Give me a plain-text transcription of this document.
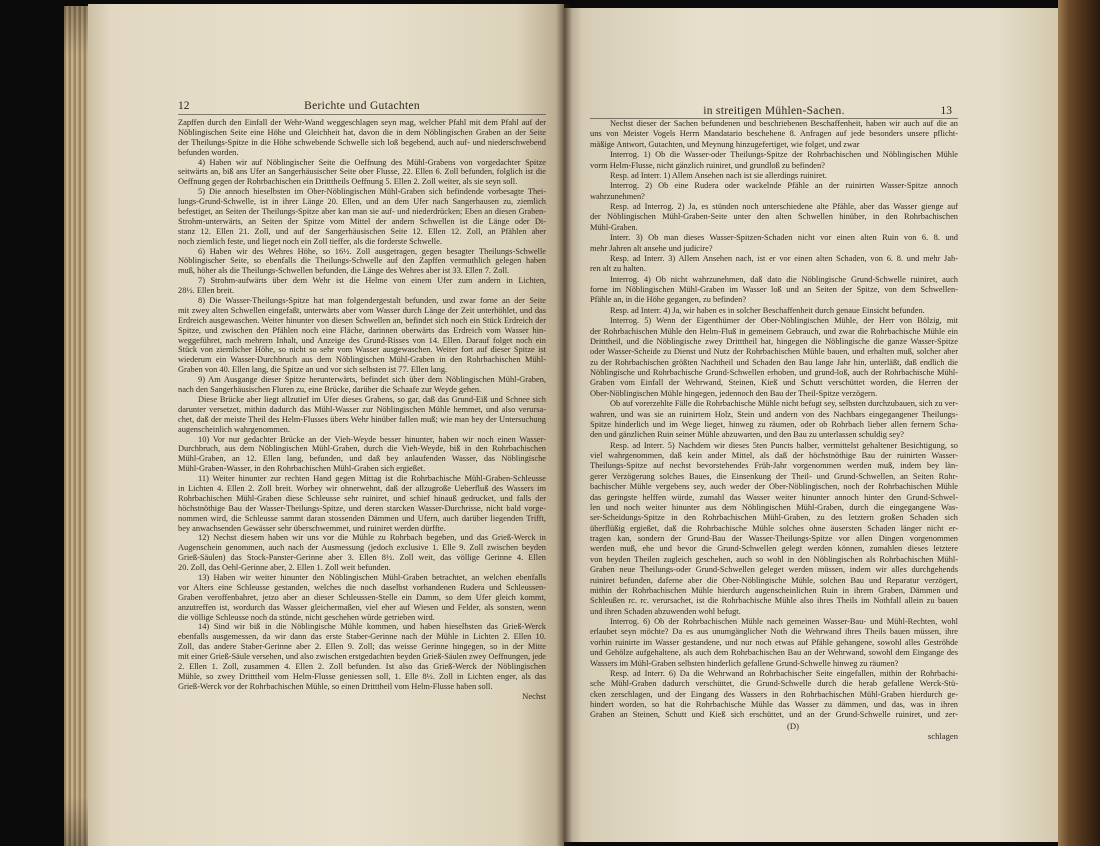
12	Berichte und Gutachten	in streitigen Mühlen-Sachen.	13
Zapffen durch den Einfall der Wehr-Wand weggeschlagen seyn mag, welcher Pfahl mit dem Pfahl auf der
Nöblingischen Seite eine Höhe und Gleichheit hat, davon die in dem Nöblingischen Graben an der Seite
der Theilungs-Spitze in die Höhe schwebende Schwelle sich loß begebend, auch auf- und niederschwebend
befunden worden.
4) Haben wir auf Nöblingischer Seite die Oeffnung des Mühl-Grabens von vorgedachter Spitze
seitwärts an, biß ans Ufer an Sangerhäusischer Seite ober Flusse, 22. Ellen 6. Zoll befunden, folglich ist die
Oeffnung gegen der Rohrbachischen ein Dritttheils Oeffnung 5. Ellen 2. Zoll weiter, als sie seyn soll.
5) Die annoch hieselbsten im Ober-Nöblingischen Mühl-Graben sich befindende vorbesagte Thei-
lungs-Grund-Schwelle, ist in ihrer Länge 20. Ellen, und an dem Ufer nach Sangerhausen zu, ziemlich
befestiget, an Seiten der Theilungs-Spitze aber kan man sie auf- und niederdrücken; Eben an diesen Graben-
Strohm-unterwärts, an Seiten der Spitze vom Mittel der andern Schwellen ist die Länge oder Di-
stanz 12. Ellen 21. Zoll, und auf der Sangerhäusischen Seite 12. Ellen 12. Zoll, an Pfählen aber
noch ziemlich feste, und lieget noch ein Zoll tieffer, als die forderste Schwelle.
6) Haben wir des Wehres Höhe, so 16½. Zoll ausgetragen, gegen besagter Theilungs-Schwelle
Nöblingischer Seite, so ebenfalls die Theilungs-Schwelle auf den Zapffen vermuthlich gelegen haben
muß, höher als die Theilungs-Schwellen befunden, die Länge des Wehres aber ist 33. Ellen 7. Zoll.
7) Strohm-aufwärts über dem Wehr ist die Helme von einem Ufer zum andern in Lichten,
28½. Ellen breit.
8) Die Wasser-Theilungs-Spitze hat man folgendergestalt befunden, und zwar forne an der Seite
mit zwey alten Schwellen eingefaßt, unterwärts aber vom Wasser durch Länge der Zeit unterhöhlet, und das
Erdreich ausgewaschen. Weiter hinunter von diesen Schwellen an, befindet sich noch ein Stück Erdreich der
Spitze, und zwischen den Pfählen noch eine Fläche, darinnen oberwärts das Erdreich vom Wasser hin-
weggeführet, nach mehrern Inhalt, und Anzeige des Grund-Risses von 14. Ellen. Darauf folget noch ein
Stück von ziemlicher Höhe, so nicht so sehr vom Wasser ausgewaschen. Weiter fort auf dieser Spitze ist
wiederum ein Wasser-Durchbruch aus dem Nöblingischen Mühl-Graben in den Rohrbachischen Mühl-
Graben von 40. Ellen lang, die Spitze an und vor sich selbsten ist 77. Ellen lang.
9) Am Ausgange dieser Spitze herunterwärts, befindet sich über dem Nöblingischen Mühl-Graben,
nach den Sangerhäusischen Fluren zu, eine Brücke, darüber die Schaafe zur Weyde gehen.
Diese Brücke aber liegt allzutief im Ufer dieses Grabens, so gar, daß das Grund-Eiß und Schnee sich
darunter versetzet, mithin dadurch das Mühl-Wasser zur Nöblingischen Mühle hemmet, und also verursa-
chet, daß der meiste Theil des Helm-Flusses übers Wehr hinüber fallen muß; wie man bey der Untersuchung
augenscheinlich wahrgenommen.
10) Vor nur gedachter Brücke an der Vieh-Weyde besser hinunter, haben wir noch einen Wasser-
Durchbruch, aus dem Nöblingischen Mühl-Graben, durch die Vieh-Weyde, biß in den Rohrbachischen
Mühl-Graben, an 12. Ellen lang, befunden, und daß bey anlaufenden Wasser, das Nöblingische
Mühl-Graben-Wasser, in den Rohrbachischen Mühl-Graben sich ergießet.
11) Weiter hinunter zur rechten Hand gegen Mittag ist die Rohrbachische Mühl-Graben-Schleusse
in Lichten 4. Ellen 2. Zoll breit. Worbey wir ohnerwehnt, daß der allzugroße Ueberfluß des Wassers im
Rohrbachischen Mühl-Graben diese Schleusse sehr ruiniret, und schief hinauß gedrucket, und falls der
höchstnöthige Bau der Wasser-Theilungs-Spitze, und deren starcken Wasser-Durchrisse, nicht bald vorge-
nommen wird, die Schleusse sammt daran stossenden Dämmen und Ufern, auch darüber liegenden Trifft,
bey anwachsenden Gewässer sehr überschwemmet, und ruiniret werden dürffte.
12) Nechst diesem haben wir uns vor die Mühle zu Rohrbach begeben, und das Grieß-Werck in
Augenschein genommen, auch nach der Ausmessung (jedoch exclusive 1. Elle 9. Zoll zwischen beyden
Grieß-Säulen) das Stock-Panster-Gerinne aber 3. Ellen 8½. Zoll weit, das völlige Gerinne 4. Ellen
20. Zoll, das Oehl-Gerinne aber, 2. Ellen 1. Zoll weit befunden.
13) Haben wir weiter hinunter den Nöblingischen Mühl-Graben betrachtet, an welchen ebenfalls
vor Alters eine Schleusse gestanden, welches die noch daselbst vorhandenen Rudera und Schleussen-
Graben veroffenbahret, jetzo aber an dieser Schleussen-Stelle ein Damm, so dem Ufer gleich kommt,
anzutreffen ist, wordurch das Wasser gleichermaßen, viel eher auf Wiesen und Felder, als sonsten, wenn
die völlige Schleusse noch da stünde, nicht geschehen würde getrieben wird.
14) Sind wir biß in die Nöblingische Mühle kommen, und haben hieselbsten das Grieß-Werck
ebenfalls ausgemessen, da wir dann das erste Staber-Gerinne nach der Mühle in Lichten 2. Ellen 10.
Zoll, das andere Staber-Gerinne aber 2. Ellen 9. Zoll; das weisse Gerinne hingegen, so in der Mitte
mit einer Grieß-Säule versehen, und also zwischen erstgedachten beyden Grieß-Säulen zwey Oeffnungen, jede
2. Ellen 1. Zoll, zusammen 4. Ellen 2. Zoll befunden. Ist also das Grieß-Werck der Nöblingischen
Mühle, so zwey Dritttheil vom Helm-Flusse geniessen soll, 1. Elle 8½. Zoll in Lichten enger, als das
Grieß-Werck vor der Rohrbachischen Mühle, so einen Dritttheil vom Helm-Flusse haben soll.
Nechst
Nechst dieser der Sachen befundenen und beschriebenen Beschaffenheit, haben wir auch auf die an
uns von Meister Vogels Herrn Mandatario beschehene 8. Anfragen auf jede besonders unsere pflicht-
mäßige Antwort, Gutachten, und Meynung hinzugefertiget, wie folget, und zwar
Interrog. 1) Ob die Wasser-oder Theilungs-Spitze der Rohrbachischen und Nöblingischen Mühle
vorm Helm-Flusse, nicht gänzlich ruiniret, und grundloß zu befinden?
Resp. ad Interr. 1) Allem Ansehen nach ist sie allerdings ruiniret.
Interrog. 2) Ob eine Rudera oder wackelnde Pfähle an der ruinirten Wasser-Spitze annoch
wahrzunehmen?
Resp. ad Interrog. 2) Ja, es stünden noch unterschiedene alte Pfähle, aber das Wasser gienge auf
der Nöblingischen Mühl-Graben-Seite unter den alten Schwellen hinüber, in den Rohrbachischen
Mühl-Graben.
Interr. 3) Ob man dieses Wasser-Spitzen-Schaden nicht vor einen alten Ruin von 6. 8. und
mehr Jahren alt ansehe und judicire?
Resp. ad Interr. 3) Allem Ansehen nach, ist er vor einen alten Schaden, von 6. 8. und mehr Jah-
ren alt zu halten.
Interrog. 4) Ob nicht wahrzunehmen, daß dato die Nöblingische Grund-Schwelle ruiniret, auch
forne im Nöblingischen Mühl-Graben im Wasser loß und an Seiten der Spitze, von dem Schwellen-
Pfähle an, in die Höhe gegangen, zu befinden?
Resp. ad Interr. 4) Ja, wir haben es in solcher Beschaffenheit durch genaue Einsicht befunden.
Interrog. 5) Wenn der Eigenthümer der Ober-Nöblingischen Mühle, der Herr von Bölzig, mit
der Rohrbachischen Mühle den Helm-Fluß in gemeinem Gebrauch, und zwar die Rohrbachische Mühle ein
Dritttheil, und die Nöblingische zwey Dritttheil hat, hingegen die Nöblingische die ganze Wasser-Spitze
oder Wasser-Scheide zu Dienst und Nutz der Rohrbachischen Mühle bauen, und erhalten muß, solcher aber
zu der Rohrbachischen größten Nachtheil und Schaden den Bau lange Jahr hin, unterläßt, daß endlich die
Nöblingische und Rohrbachische Grund-Schwellen erhoben, und grund-loß, auch der Rohrbachische Mühl-
Graben vom Einfall der Wehrwand, Steinen, Kieß und Schutt verschüttet worden, die Herren der
Ober-Nöblingischen Mühle hingegen, jedennoch den Bau der Theil-Spitze verzögern.
Ob auf vorerzehlte Fälle die Rohrbachische Mühle nicht befugt sey, selbsten durchzubauen, sich zu ver-
wahren, und was sie an ruinirtem Holz, Stein und andern von des Nachbars eingegangener Theilungs-
Spitze hinderlich und im Wege lieget, hinweg zu räumen, oder ob Rohrbach lieber allen fernern Scha-
den und gänzlichen Ruin seiner Mühle abzuwarten, und den Bau zu unterlassen schuldig sey?
Resp. ad Interr. 5) Nachdem wir dieses 5ten Puncts halber, vermittelst gehaltener Besichtigung, so
viel wahrgenommen, daß kein ander Mittel, als daß der höchstnöthige Bau der ruinirten Wasser-
Theilungs-Spitze auf nechst bevorstehendes Früh-Jahr vorgenommen werden muß, indem bey län-
gerer Verzögerung solches Baues, die Einsenkung der Theil- und Grund-Schwellen, an Seiten Rohr-
bachischer Mühle vergebens sey, auch weder der Ober-Nöblingischen, noch der Rohrbachischen Mühle
das geringste helffen würde, zumahl das Wasser weiter hinunter annoch hinter den Grund-Schwel-
len und noch weiter hinunter aus dem Nöblingischen Mühl-Graben, durch die eingegangene Was-
ser-Scheidungs-Spitze in den Rohrbachischen Mühl-Graben, zu des letztern großen Schaden sich
überflüßig ergießet, daß die Rohrbachische Mühle solches ohne äusersten Schaden länger nicht er-
tragen kan, sondern der Grund-Bau der Wasser-Theilungs-Spitze vor allen Dingen vorgenommen
werden muß, ehe und bevor die Grund-Schwellen gelegt werden können, zumahlen dieses letztere
von beyden Theilen zugleich geschehen, auch so wohl in den Nöblingischen als Rohrbachischen Mühl-
Graben neue Theilungs-oder Grund-Schwellen geleget werden müssen, indem wir alles durchgehends
ruiniret befunden, daferne aber die Ober-Nöblingische Mühle, solchen Bau und Reparatur verzögert,
mithin der Rohrbachischen Mühle hierdurch augenscheinlichen Ruin in ihrem Graben, Dämmen und
Schleußen rc. rc. verursachet, ist die Rohrbachische Mühle also ihres Theils im Nothfall allein zu bauen
und ihren Schaden abzuwenden wohl befugt.
Interrog. 6) Ob der Rohrbachischen Mühle nach gemeinen Wasser-Bau- und Mühl-Rechten, wohl
erlaubet seyn möchte? Da es aus unumgänglicher Noth die Wehrwand ihres Theils bauen müssen, ihre
vorhin ruinirte im Wasser gestandene, und nur noch etwas auf Pfähle gehangene, sowohl alles Geströhde
und Gehölze aufgehaltene, als auch dem Rohrbachischen Bau an der Wehrwand, sowohl dem Eingange des
Wassers im Mühl-Graben selbsten hinderlich gefallene Grund-Schwelle hinweg zu räumen?
Resp. ad Interr. 6) Da die Wehrwand an Rohrbachischer Seite eingefallen, mithin der Rohrbachi-
sche Mühl-Graben dadurch verschüttet, die Grund-Schwelle durch die herab gefallene Werck-Stü-
cken zerschlagen, und der Eingang des Wassers in den Rohrbachischen Mühl-Graben hierdurch ge-
hindert worden, so hat die Rohrbachische Mühle das Wasser zu dämmen, und das, was in ihren
Graben an Steinen, Schutt und Kieß sich erschüttet, und an der Grund-Schwelle ruiniret, und zer-
(D)
schlagen
